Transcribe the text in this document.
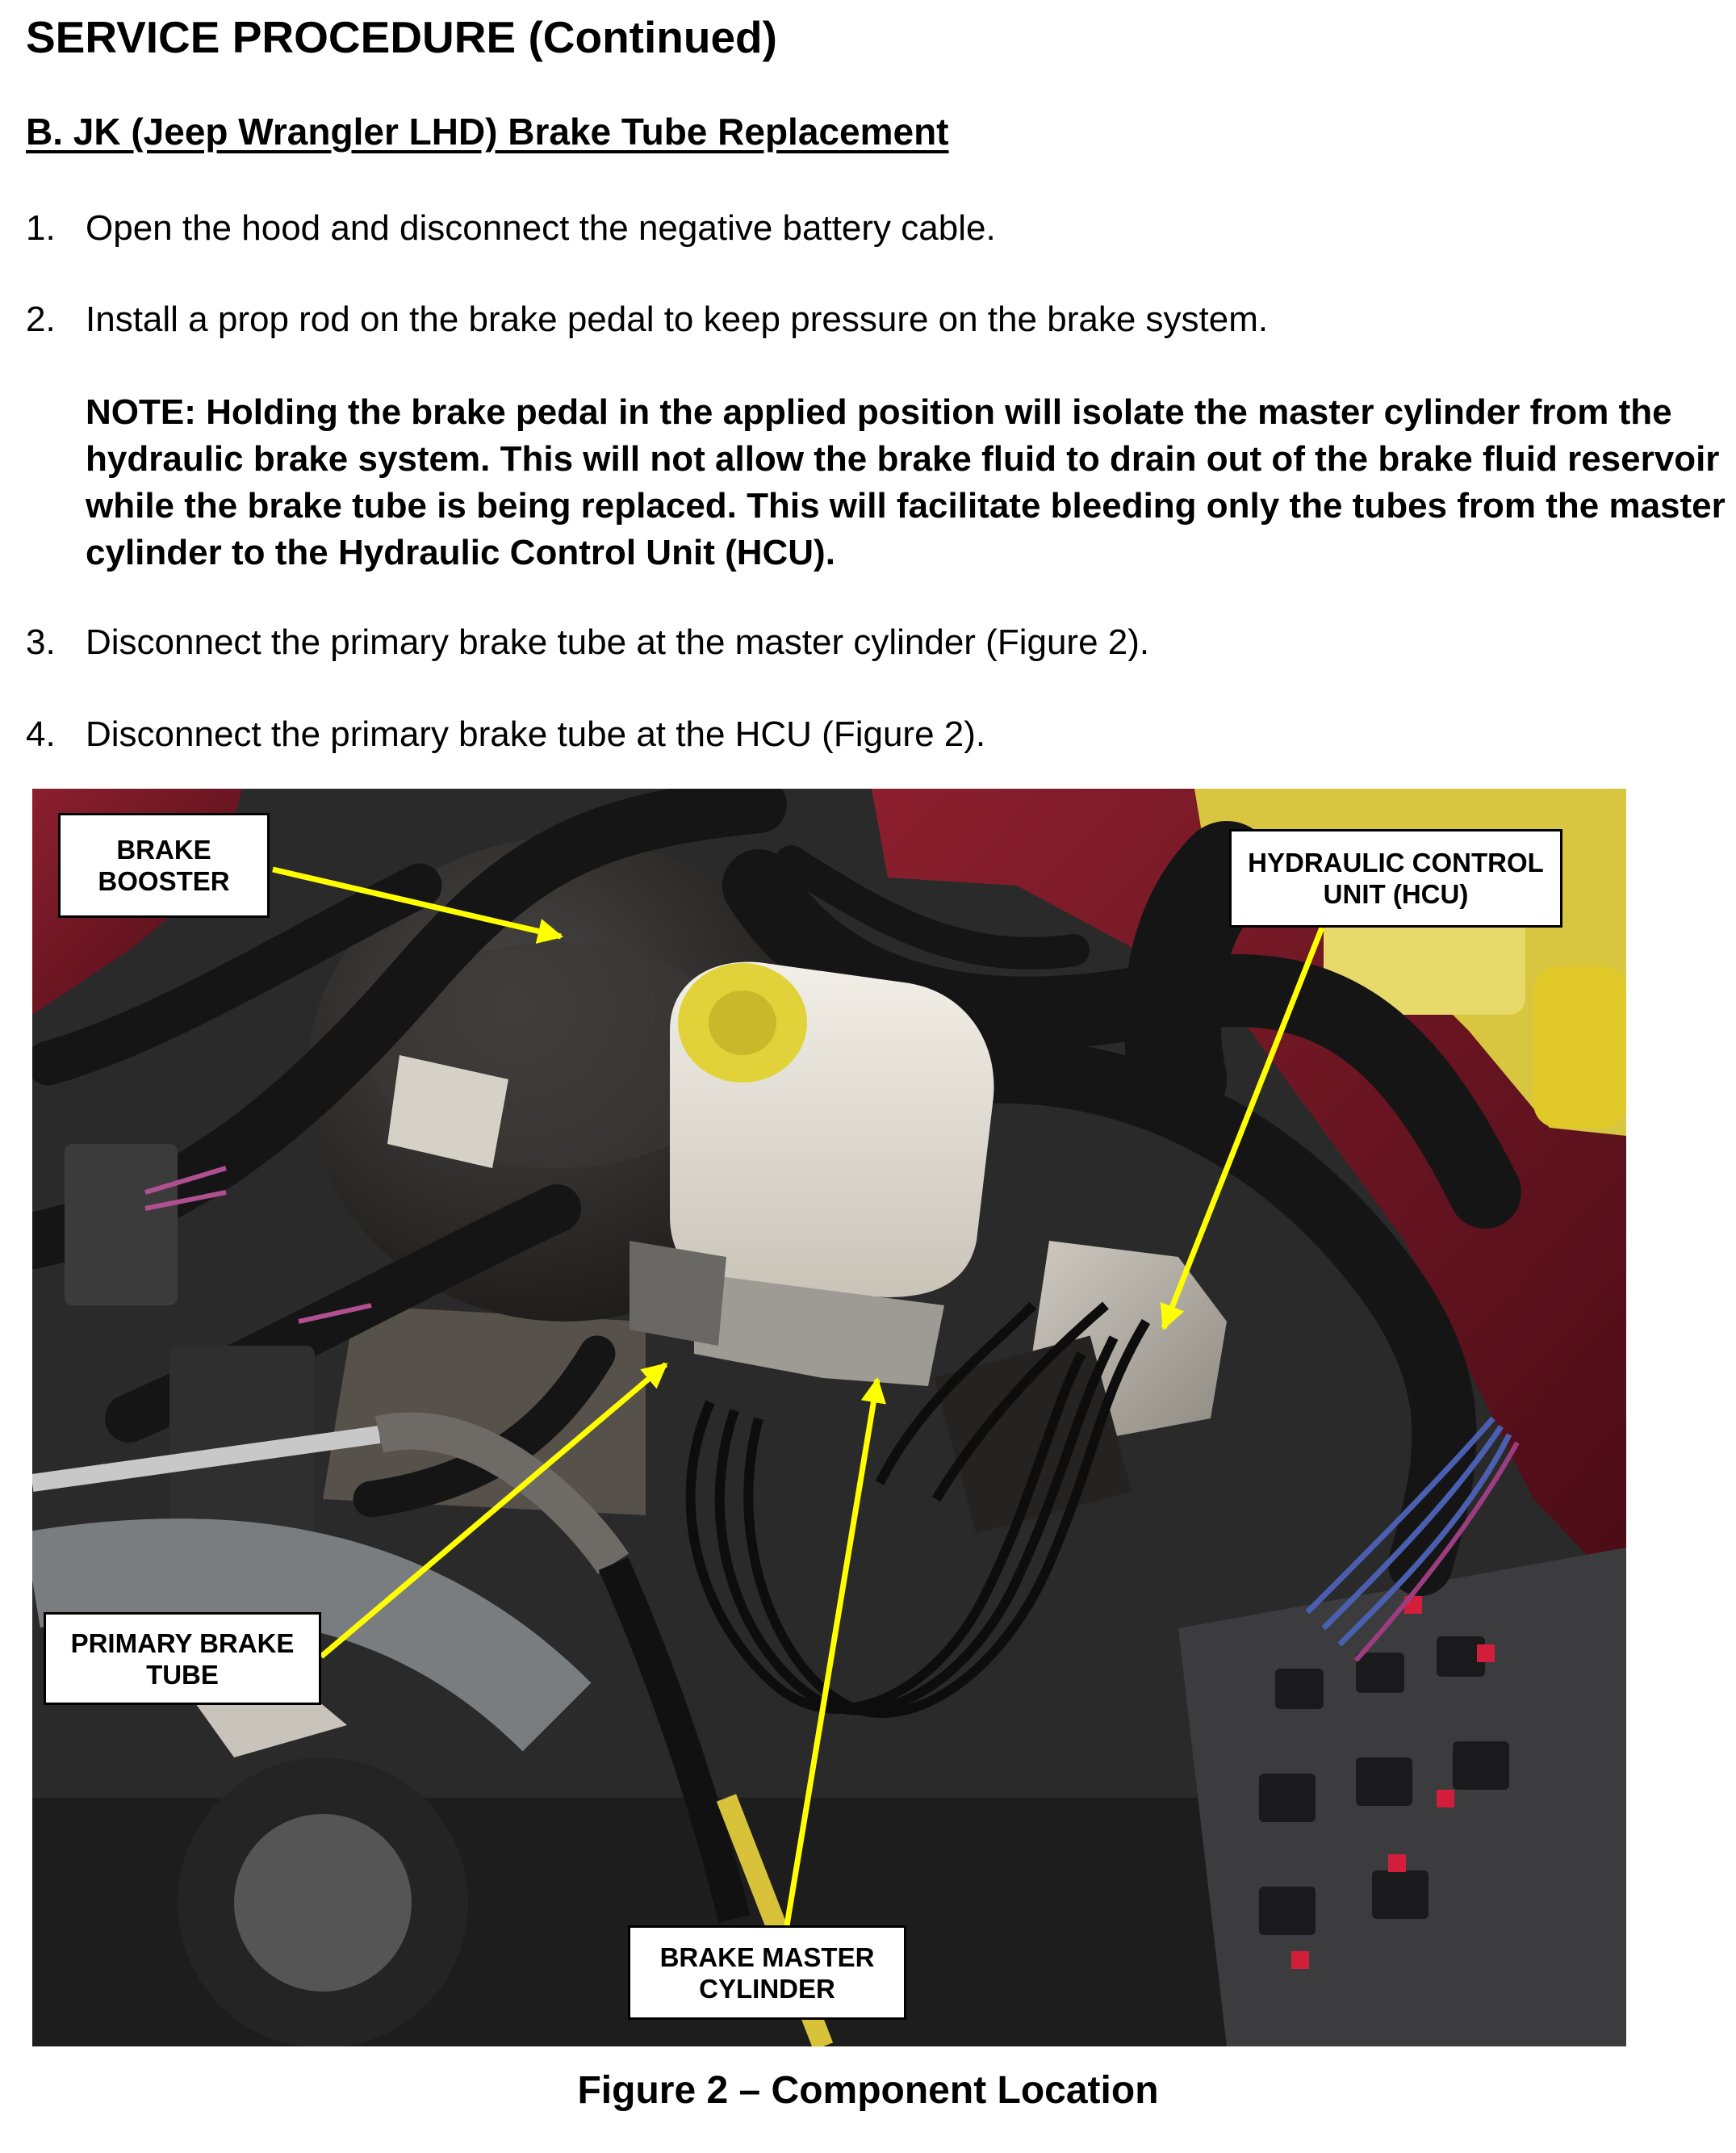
SERVICE PROCEDURE (Continued)
B. JK (Jeep Wrangler LHD) Brake Tube Replacement
1. Open the hood and disconnect the negative battery cable.
2. Install a prop rod on the brake pedal to keep pressure on the brake system.
NOTE: Holding the brake pedal in the applied position will isolate the master cylinder from the hydraulic brake system. This will not allow the brake fluid to drain out of the brake fluid reservoir while the brake tube is being replaced. This will facilitate bleeding only the tubes from the master cylinder to the Hydraulic Control Unit (HCU).
3. Disconnect the primary brake tube at the master cylinder (Figure 2).
4. Disconnect the primary brake tube at the HCU (Figure 2).
BRAKE
BOOSTER
HYDRAULIC CONTROL
UNIT (HCU)
PRIMARY BRAKE
TUBE
BRAKE MASTER
CYLINDER
Figure 2 – Component Location
